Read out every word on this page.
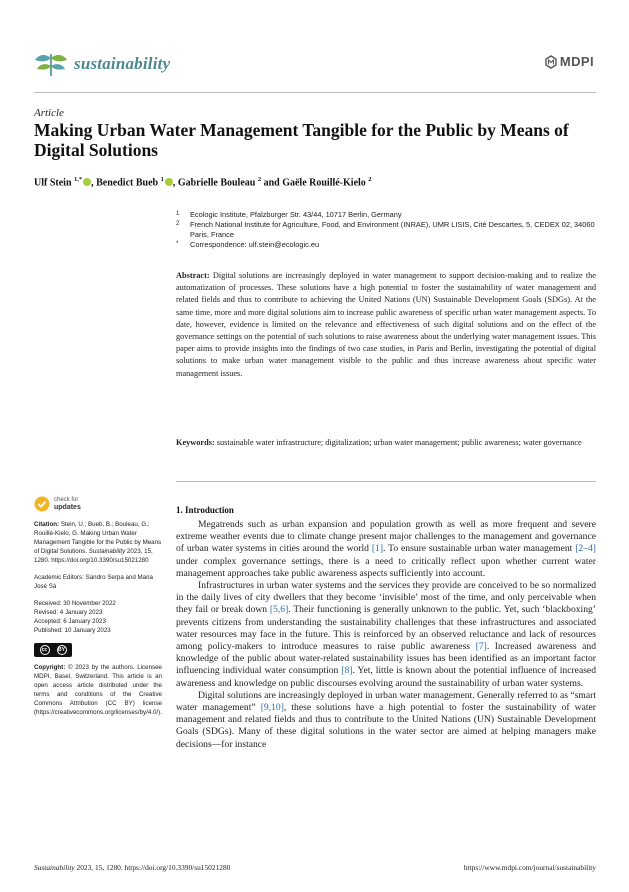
sustainability	MDPI
Article
Making Urban Water Management Tangible for the Public by Means of Digital Solutions
Ulf Stein $^{1,*}$ , Benedict Bueb $^1$ , Gabrielle Bouleau $^2$ and Gaële Rouillé-Kielo $^2$
1 Ecologic Institute, Pfalzburger Str. 43/44, 10717 Berlin, Germany
2 French National Institute for Agriculture, Food, and Environment (INRAE), UMR LISIS, Cité Descartes, 5, CEDEX 02, 34060 Paris, France
* Correspondence: ulf.stein@ecologic.eu
Abstract: Digital solutions are increasingly deployed in water management to support decision-making and to realize the automatization of processes. These solutions have a high potential to foster the sustainability of water management and related fields and thus to contribute to achieving the United Nations (UN) Sustainable Development Goals (SDGs). At the same time, more and more digital solutions aim to increase public awareness of specific urban water management aspects. To date, however, evidence is limited on the relevance and effectiveness of such digital solutions and on the effect of the governance settings on the potential of such solutions to raise awareness about the underlying water management issues. This paper aims to provide insights into the findings of two case studies, in Paris and Berlin, investigating the potential of digital solutions to make urban water management visible to the public and thus increase awareness about specific water management issues.
Keywords: sustainable water infrastructure; digitalization; urban water management; public awareness; water governance
check for
updates
Citation: Stein, U.; Bueb, B.; Bouleau, G.; Rouillé-Kielo, G. Making Urban Water Management Tangible for the Public by Means of Digital Solutions. Sustainability 2023, 15, 1280. https://doi.org/10.3390/su15021280
Academic Editors: Sandro Serpa and Maria José Sá
Received: 30 November 2022
Revised: 4 January 2023
Accepted: 6 January 2023
Published: 10 January 2023
cc	BY
Copyright: © 2023 by the authors. Licensee MDPI, Basel, Switzerland. This article is an open access article distributed under the terms and conditions of the Creative Commons Attribution (CC BY) license (https://creativecommons.org/licenses/by/4.0/).
1. Introduction

Megatrends such as urban expansion and population growth as well as more frequent and severe extreme weather events due to climate change present major challenges to the management and governance of urban water systems in cities around the world [1]. To ensure sustainable urban water management [2–4] under complex governance settings, there is a need to critically reflect upon whether current water management approaches take public awareness aspects sufficiently into account.

Infrastructures in urban water systems and the services they provide are conceived to be so normalized in the daily lives of city dwellers that they become ‘invisible’ most of the time, and only perceivable when they fail or break down [5,6]. Their functioning is generally unknown to the public. Yet, such ‘blackboxing’ prevents citizens from understanding the sustainability challenges that these infrastructures and associated water resources may face in the future. This is reinforced by an observed reluctance and lack of resources among policy-makers to introduce measures to raise public awareness [7]. Increased awareness and knowledge of the public about water-related sustainability issues has been identified as an important factor influencing individual water consumption [8]. Yet, little is known about the potential influence of increased awareness and knowledge on public discourses evolving around the sustainability of urban water systems.

Digital solutions are increasingly deployed in urban water management. Generally referred to as “smart water management” [9,10], these solutions have a high potential to foster the sustainability of water management and related fields and thus to contribute to the United Nations (UN) Sustainable Development Goals (SDGs). Many of these digital solutions in the water sector are aimed at helping managers make decisions—for instance

Sustainability 2023, 15, 1280. https://doi.org/10.3390/su15021280	https://www.mdpi.com/journal/sustainability
